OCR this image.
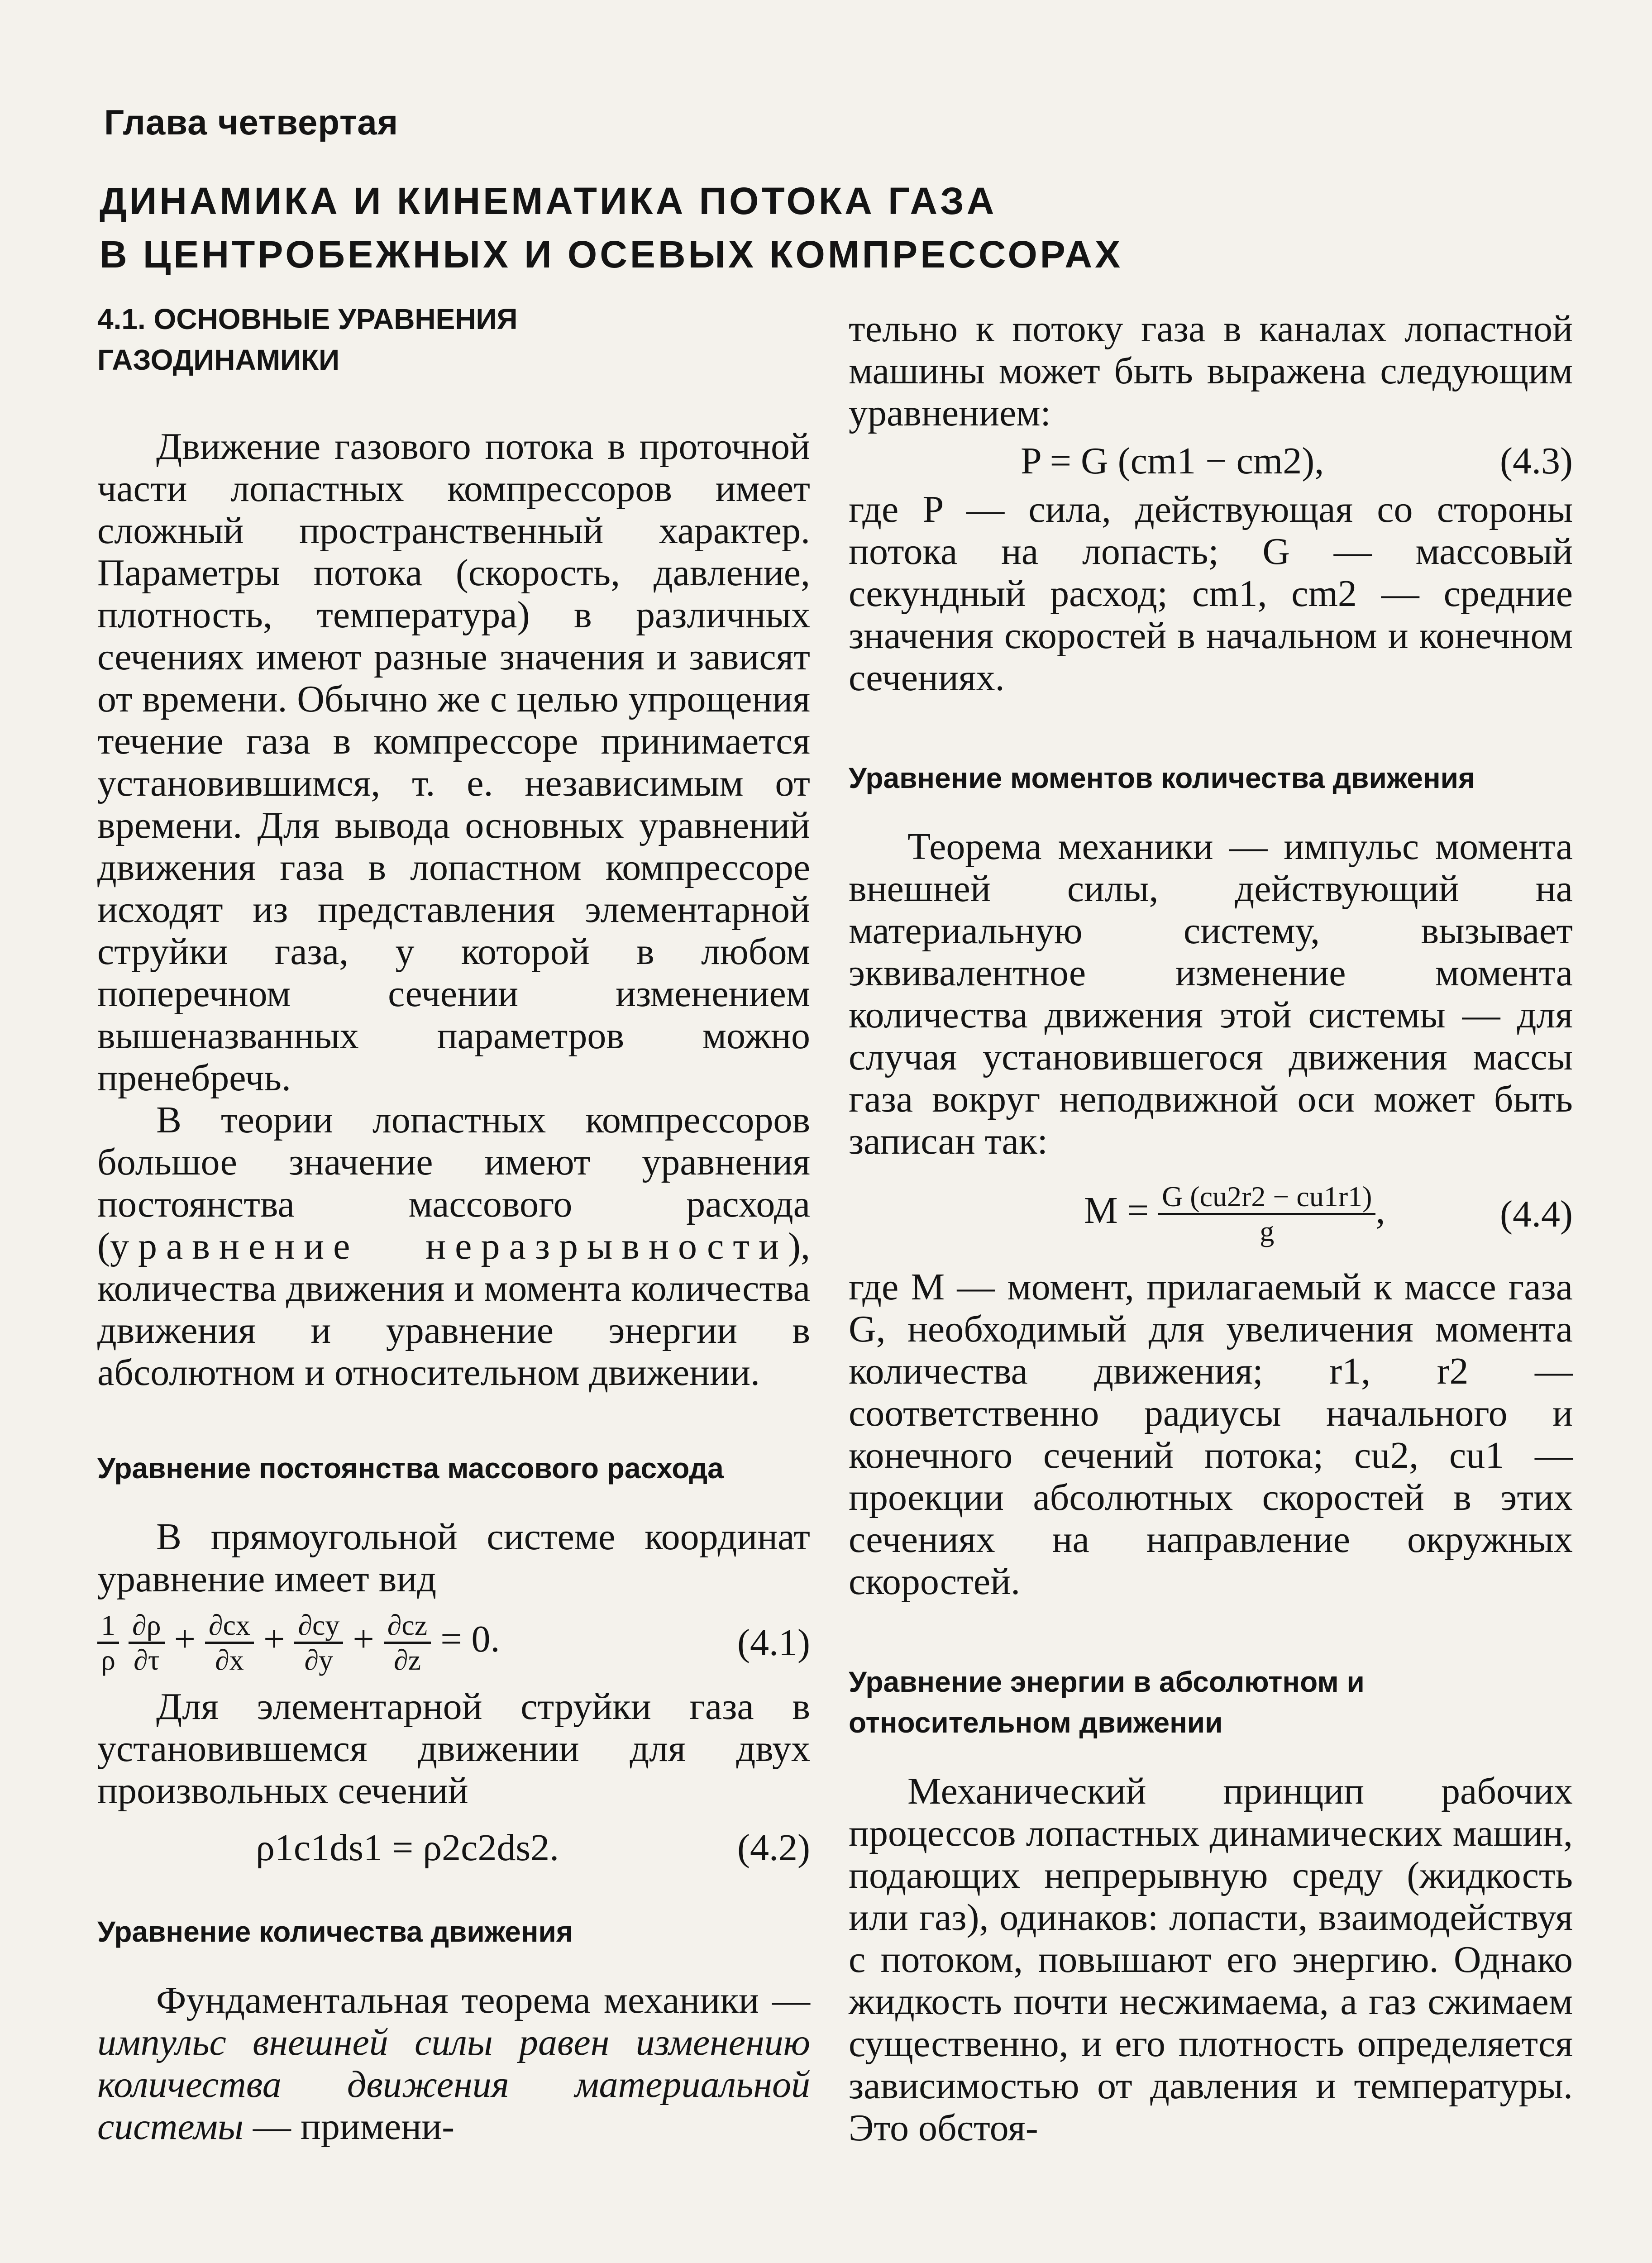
Глава четвертая
ДИНАМИКА И КИНЕМАТИКА ПОТОКА ГАЗА
В ЦЕНТРОБЕЖНЫХ И ОСЕВЫХ КОМПРЕССОРАХ
4.1. ОСНОВНЫЕ УРАВНЕНИЯ ГАЗОДИНАМИКИ

Движение газового потока в проточной части лопастных компрессоров имеет сложный пространственный характер. Параметры потока (скорость, давление, плотность, температура) в различных сечениях имеют разные значения и зависят от времени. Обычно же с целью упрощения течение газа в компрессоре принимается установившимся, т. е. независимым от времени. Для вывода основных уравнений движения газа в лопастном компрессоре исходят из представления элементарной струйки газа, у которой в любом поперечном сечении изменением вышеназванных параметров можно пренебречь.

В теории лопастных компрессоров большое значение имеют уравнения постоянства массового расхода (уравнение неразрывности), количества движения и момента количества движения и уравнение энергии в абсолютном и относительном движении.

Уравнение постоянства массового расхода

В прямоугольной системе координат уравнение имеет вид

$\frac{1}{\rho}$
$\frac{\partial\rho}{\partial\tau} + \frac{\partial cx}{\partial x} + \frac{\partial cy}{\partial y} + \frac{\partial cz}{\partial z} = 0$.	(4.1)

Для элементарной струйки газа в установившемся движении для двух произвольных сечений

ρ1c1ds1 = ρ2c2ds2.	(4.2)
Уравнение количества движения

Фундаментальная теорема механики — импульс внешней силы равен изменению количества движения материальной системы — примени-

тельно к потоку газа в каналах лопастной машины может быть выражена следующим уравнением:

P = G (cm1 − cm2),	(4.3)

где P — сила, действующая со стороны потока на лопасть; G — массовый секундный расход; cm1, cm2 — средние значения скоростей в начальном и конечном сечениях.

Уравнение моментов количества движения

Теорема механики — импульс момента внешней силы, действующий на материальную систему, вызывает эквивалентное изменение момента количества движения этой системы — для случая установившегося движения массы газа вокруг неподвижной оси может быть записан так:

$M = \frac{G (cu2r2 - cu1r1)}{g}$ ,	(4.4)

где M — момент, прилагаемый к массе газа G, необходимый для увеличения момента количества движения; r1, r2 — соответственно радиусы начального и конечного сечений потока; cu2, cu1 — проекции абсолютных скоростей в этих сечениях на направление окружных скоростей.

Уравнение энергии в абсолютном и относительном движении

Механический принцип рабочих процессов лопастных динамических машин, подающих непрерывную среду (жидкость или газ), одинаков: лопасти, взаимодействуя с потоком, повышают его энергию. Однако жидкость почти несжимаема, а газ сжимаем существенно, и его плотность определяется зависимостью от давления и температуры. Это обстоя-
